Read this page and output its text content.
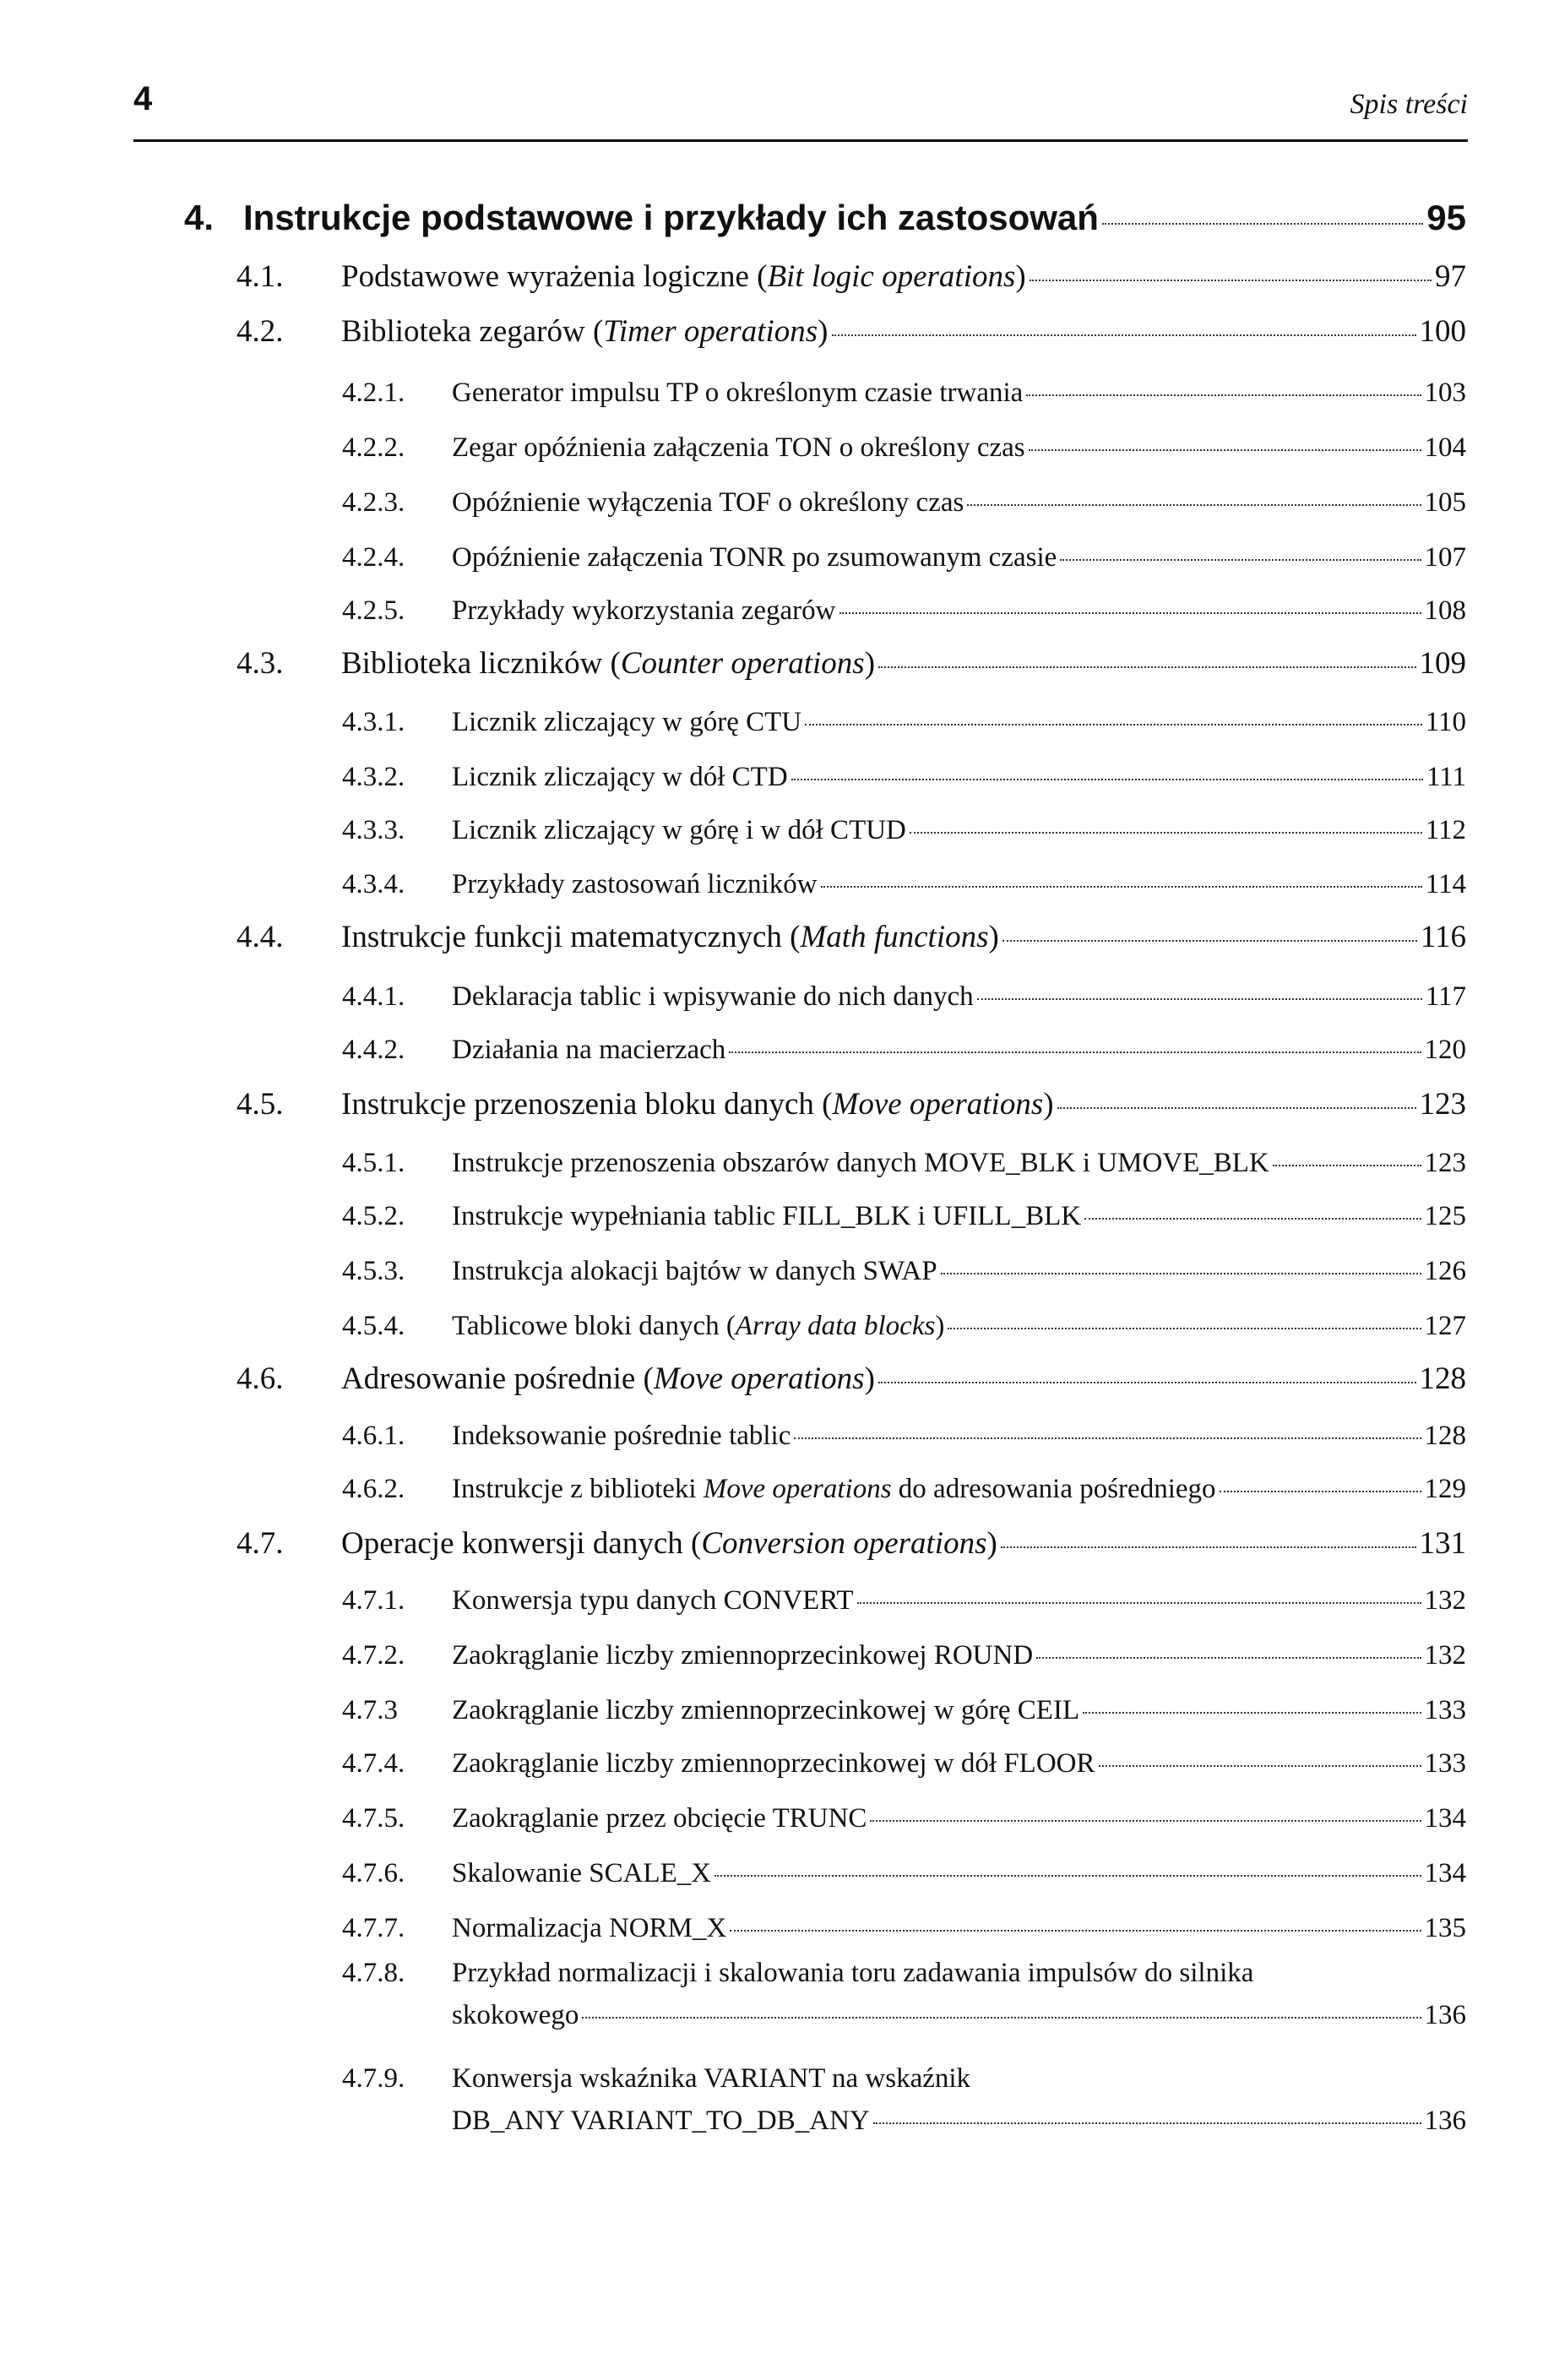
4	Spis treści
4. Instrukcje podstawowe i przykłady ich zastosowań	95
4.1.	Podstawowe wyrażenia logiczne (Bit logic operations)	97
4.2.	Biblioteka zegarów (Timer operations)	100
4.2.1.	Generator impulsu TP o określonym czasie trwania	103
4.2.2.	Zegar opóźnienia załączenia TON o określony czas	104
4.2.3.	Opóźnienie wyłączenia TOF o określony czas	105
4.2.4.	Opóźnienie załączenia TONR po zsumowanym czasie	107
4.2.5.	Przykłady wykorzystania zegarów	108
4.3.	Biblioteka liczników (Counter operations)	109
4.3.1.	Licznik zliczający w górę CTU	110
4.3.2.	Licznik zliczający w dół CTD	111
4.3.3.	Licznik zliczający w górę i w dół CTUD	112
4.3.4.	Przykłady zastosowań liczników	114
4.4.	Instrukcje funkcji matematycznych (Math functions)	116
4.4.1.	Deklaracja tablic i wpisywanie do nich danych	117
4.4.2.	Działania na macierzach	120
4.5.	Instrukcje przenoszenia bloku danych (Move operations)	123
4.5.1.	Instrukcje przenoszenia obszarów danych MOVE_BLK i UMOVE_BLK	123
4.5.2.	Instrukcje wypełniania tablic FILL_BLK i UFILL_BLK	125
4.5.3.	Instrukcja alokacji bajtów w danych SWAP	126
4.5.4.	Tablicowe bloki danych (Array data blocks)	127
4.6.	Adresowanie pośrednie (Move operations)	128
4.6.1.	Indeksowanie pośrednie tablic	128
4.6.2.	Instrukcje z biblioteki Move operations do adresowania pośredniego	129
4.7.	Operacje konwersji danych (Conversion operations)	131
4.7.1.	Konwersja typu danych CONVERT	132
4.7.2.	Zaokrąglanie liczby zmiennoprzecinkowej ROUND	132
4.7.3	Zaokrąglanie liczby zmiennoprzecinkowej w górę CEIL	133
4.7.4.	Zaokrąglanie liczby zmiennoprzecinkowej w dół FLOOR	133
4.7.5.	Zaokrąglanie przez obcięcie TRUNC	134
4.7.6.	Skalowanie SCALE_X	134
4.7.7.	Normalizacja NORM_X	135
4.7.8.	Przykład normalizacji i skalowania toru zadawania impulsów do silnika
skokowego	136
4.7.9.	Konwersja wskaźnika VARIANT na wskaźnik
DB_ANY VARIANT_TO_DB_ANY	136
